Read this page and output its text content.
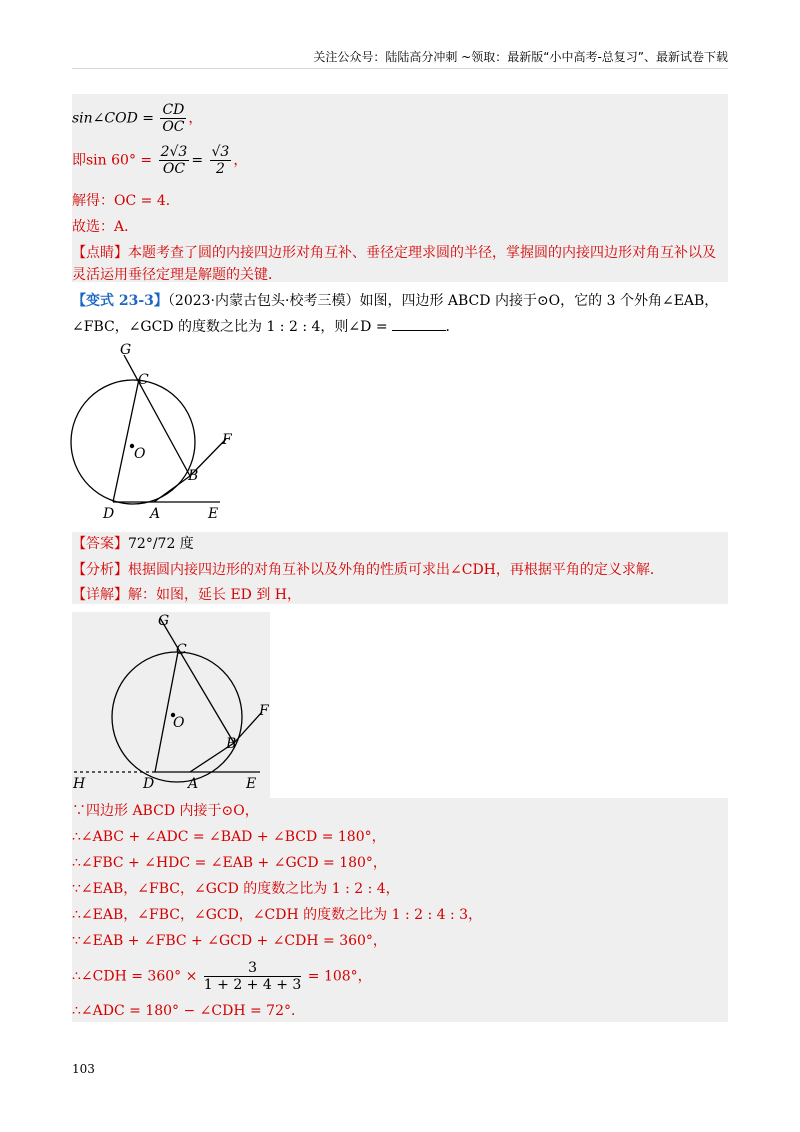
关注公众号：陆陆高分冲刺 ~领取：最新版“小中高考-总复习”、最新试卷下载
sin∠COD = $\frac{CD}{OC}$ ，
即$\sin 60^\circ = \frac{2√3}{OC} = \frac{√3}{2}$ ，
解得：OC = 4．
故选：A．
【点睛】本题考查了圆的内接四边形对角互补、垂径定理求圆的半径，掌握圆的内接四边形对角互补以及
灵活运用垂径定理是解题的关键．
【变式 23-3】（2023·内蒙古包头·校考三模）如图，四边形 ABCD 内接于⊙O，它的 3 个外角∠EAB，
∠FBC，∠GCD 的度数之比为 1 : 2 : 4，则∠D =	．
G
C
O
F
B
D	A	E
【答案】72°/72 度
【分析】根据圆内接四边形的对角互补以及外角的性质可求出∠CDH，再根据平角的定义求解．
【详解】解：如图，延长 ED 到 H，
G
C
O
F
B
H	D A	E
∵四边形 ABCD 内接于⊙O，
∴∠ABC + ∠ADC = ∠BAD + ∠BCD = 180°，
∴∠FBC + ∠HDC = ∠EAB + ∠GCD = 180°，
∵∠EAB，∠FBC，∠GCD 的度数之比为 1 : 2 : 4，
∴∠EAB，∠FBC，∠GCD，∠CDH 的度数之比为 1 : 2 : 4 : 3，
∵∠EAB + ∠FBC + ∠GCD + ∠CDH = 360°，
∴∠CDH = $360^\circ \times \frac{3}{1 + 2 + 4 + 3} = 108^\circ$，
∴∠ADC = 180° − ∠CDH = 72°．
103
